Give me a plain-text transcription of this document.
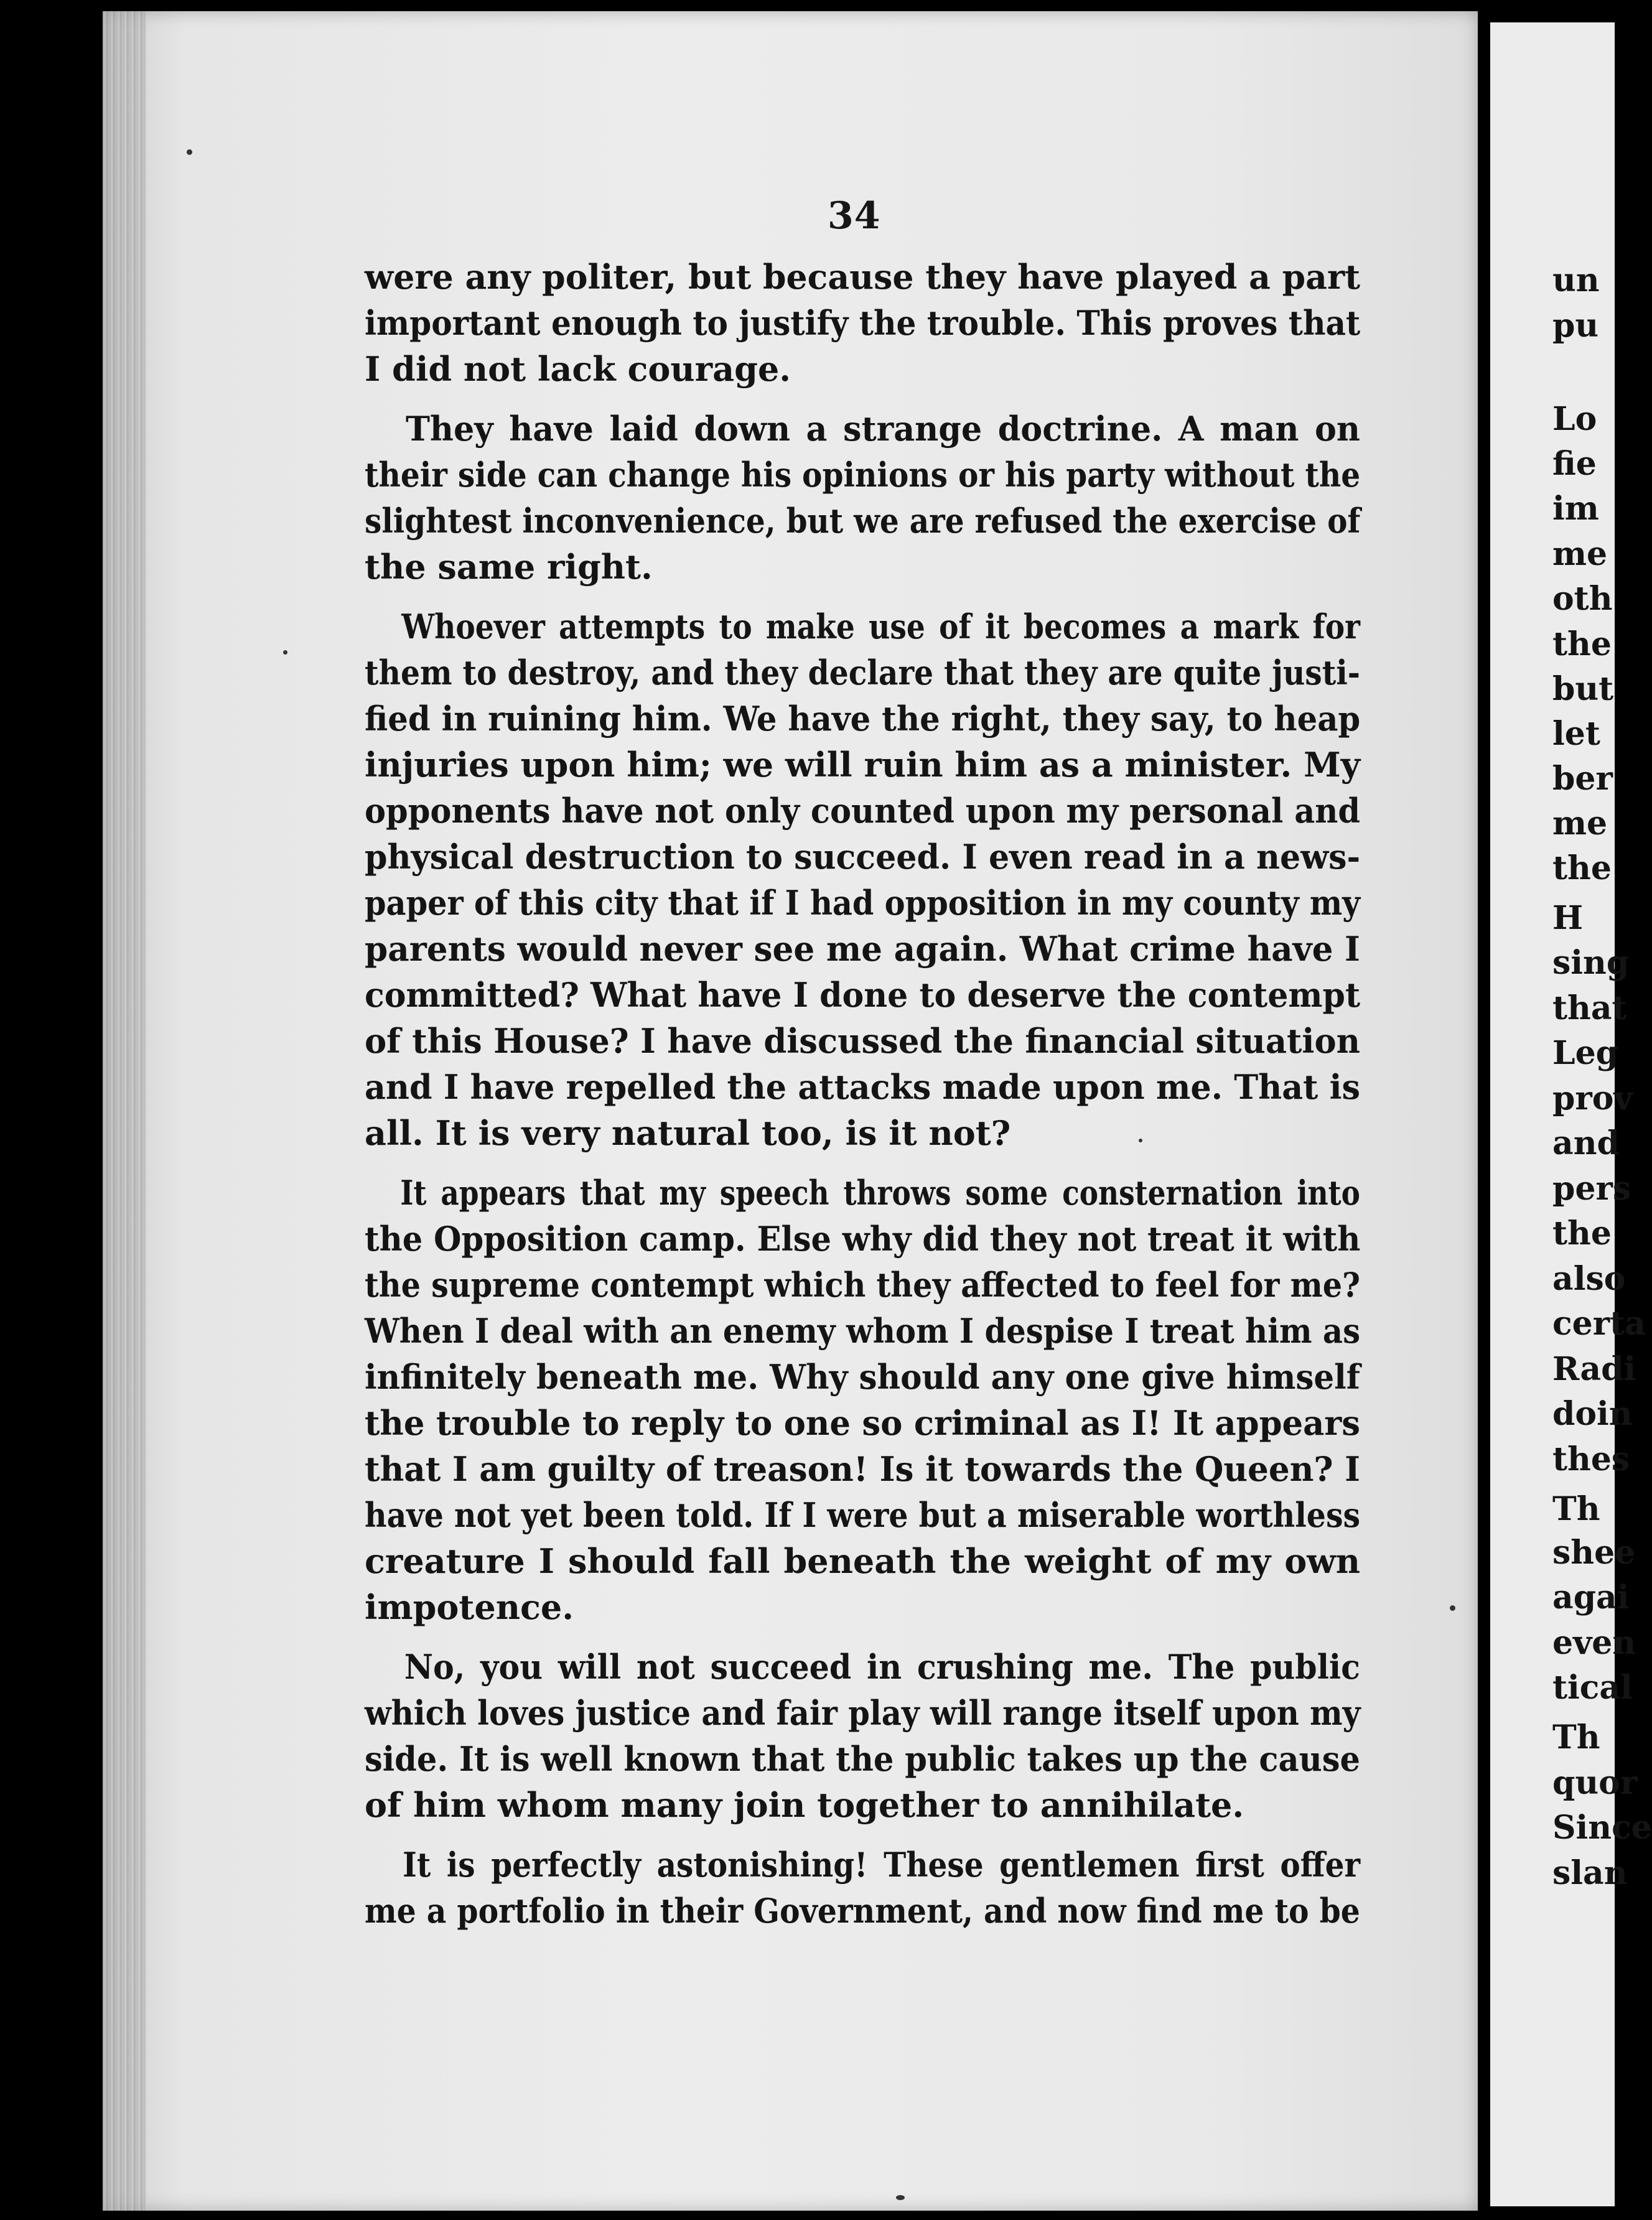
34
were any politer, but because they have played a part
important enough to justify the trouble. This proves that
I did not lack courage.
They have laid down a strange doctrine. A man on
their side can change his opinions or his party without the
slightest inconvenience, but we are refused the exercise of
the same right.
Whoever attempts to make use of it becomes a mark for
them to destroy, and they declare that they are quite justi-
fied in ruining him. We have the right, they say, to heap
injuries upon him; we will ruin him as a minister. My
opponents have not only counted upon my personal and
physical destruction to succeed. I even read in a news-
paper of this city that if I had opposition in my county my
parents would never see me again. What crime have I
committed? What have I done to deserve the contempt
of this House? I have discussed the financial situation
and I have repelled the attacks made upon me. That is
all. It is very natural too, is it not?
It appears that my speech throws some consternation into
the Opposition camp. Else why did they not treat it with
the supreme contempt which they affected to feel for me?
When I deal with an enemy whom I despise I treat him as
infinitely beneath me. Why should any one give himself
the trouble to reply to one so criminal as I! It appears
that I am guilty of treason! Is it towards the Queen? I
have not yet been told. If I were but a miserable worthless
creature I should fall beneath the weight of my own
impotence.
No, you will not succeed in crushing me. The public
which loves justice and fair play will range itself upon my
side. It is well known that the public takes up the cause
of him whom many join together to annihilate.
It is perfectly astonishing! These gentlemen first offer
me a portfolio in their Government, and now find me to be
un
pu
Lo
fie
im
me
oth
the
but
let
ber
me
the
H
sing
that
Leg
prov
and
pers
the
also
certa
Radi
doin
thes
Th
shee
agai
even
tical
Th
quor
Since
slan
